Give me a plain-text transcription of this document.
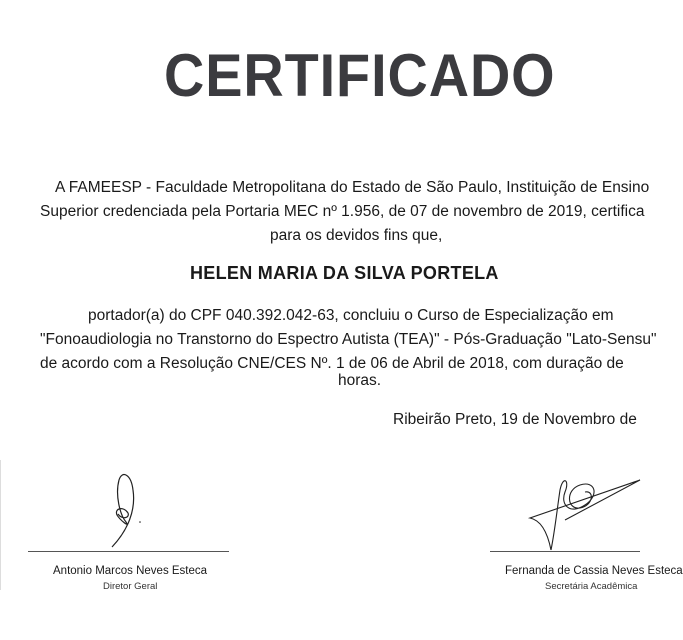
CERTIFICADO
A FAMEESP - Faculdade Metropolitana do Estado de São Paulo, Instituição de Ensino
Superior credenciada pela Portaria MEC nº 1.956, de 07 de novembro de 2019, certifica
para os devidos fins que,
HELEN MARIA DA SILVA PORTELA
portador(a) do CPF 040.392.042-63, concluiu o Curso de Especialização em
"Fonoaudiologia no Transtorno do Espectro Autista (TEA)" - Pós-Graduação "Lato-Sensu"
de acordo com a Resolução CNE/CES Nº. 1 de 06 de Abril de 2018, com duração de
horas.
Ribeirão Preto, 19 de Novembro de
Antonio Marcos Neves Esteca
Diretor Geral
Fernanda de Cassia Neves Esteca
Secretária Acadêmica
